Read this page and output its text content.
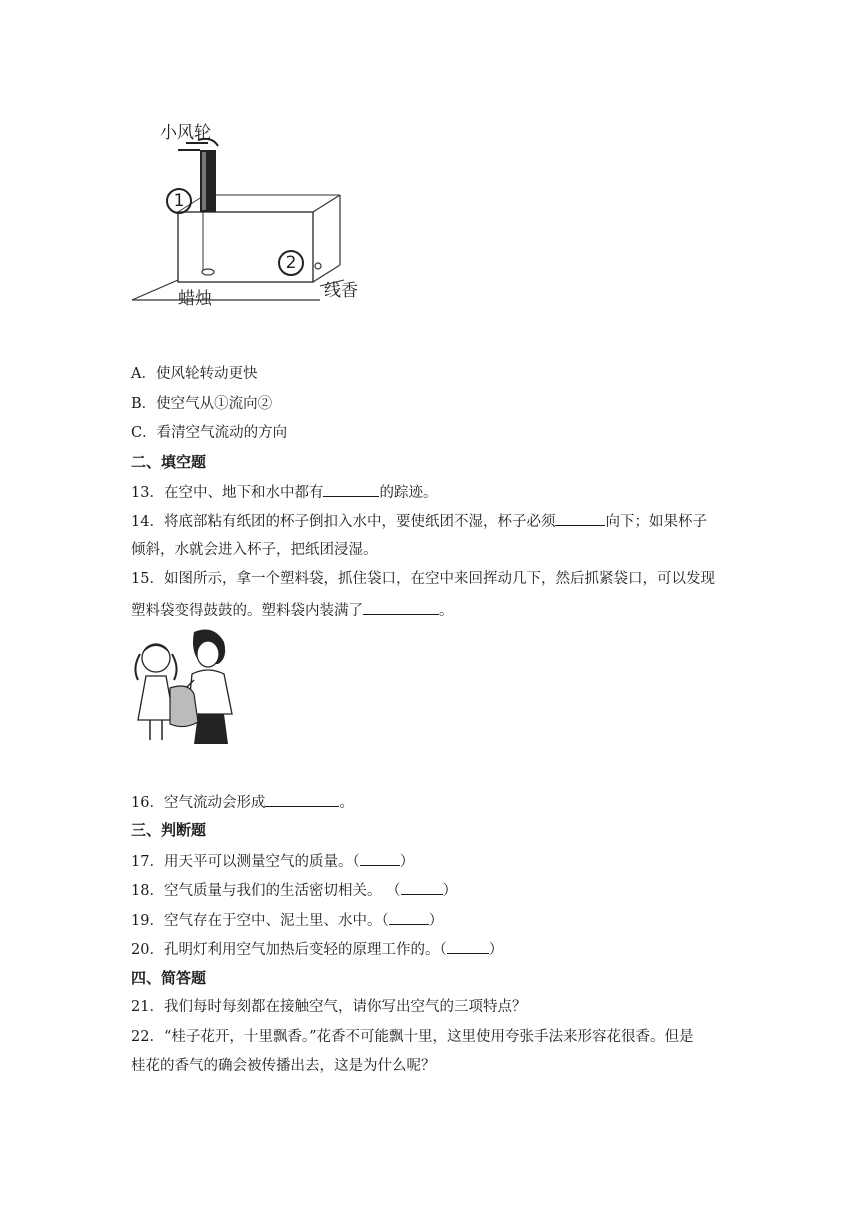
小风轮
1
2
蜡烛	线香
A．使风轮转动更快
B．使空气从①流向②
C．看清空气流动的方向
二、填空题
13．在空中、地下和水中都有	的踪迹。
14．将底部粘有纸团的杯子倒扣入水中，要使纸团不湿，杯子必须	向下；如果杯子
倾斜，水就会进入杯子，把纸团浸湿。
15．如图所示，拿一个塑料袋，抓住袋口，在空中来回挥动几下，然后抓紧袋口，可以发现
塑料袋变得鼓鼓的。塑料袋内装满了	。
16．空气流动会形成	。
三、判断题
17．用天平可以测量空气的质量。（	）
18．空气质量与我们的生活密切相关。 （	）
19．空气存在于空中、泥土里、水中。（	）
20．孔明灯利用空气加热后变轻的原理工作的。（	）
四、简答题
21．我们每时每刻都在接触空气，请你写出空气的三项特点？
22．“桂子花开，十里飘香。”花香不可能飘十里，这里使用夸张手法来形容花很香。但是
桂花的香气的确会被传播出去，这是为什么呢？
